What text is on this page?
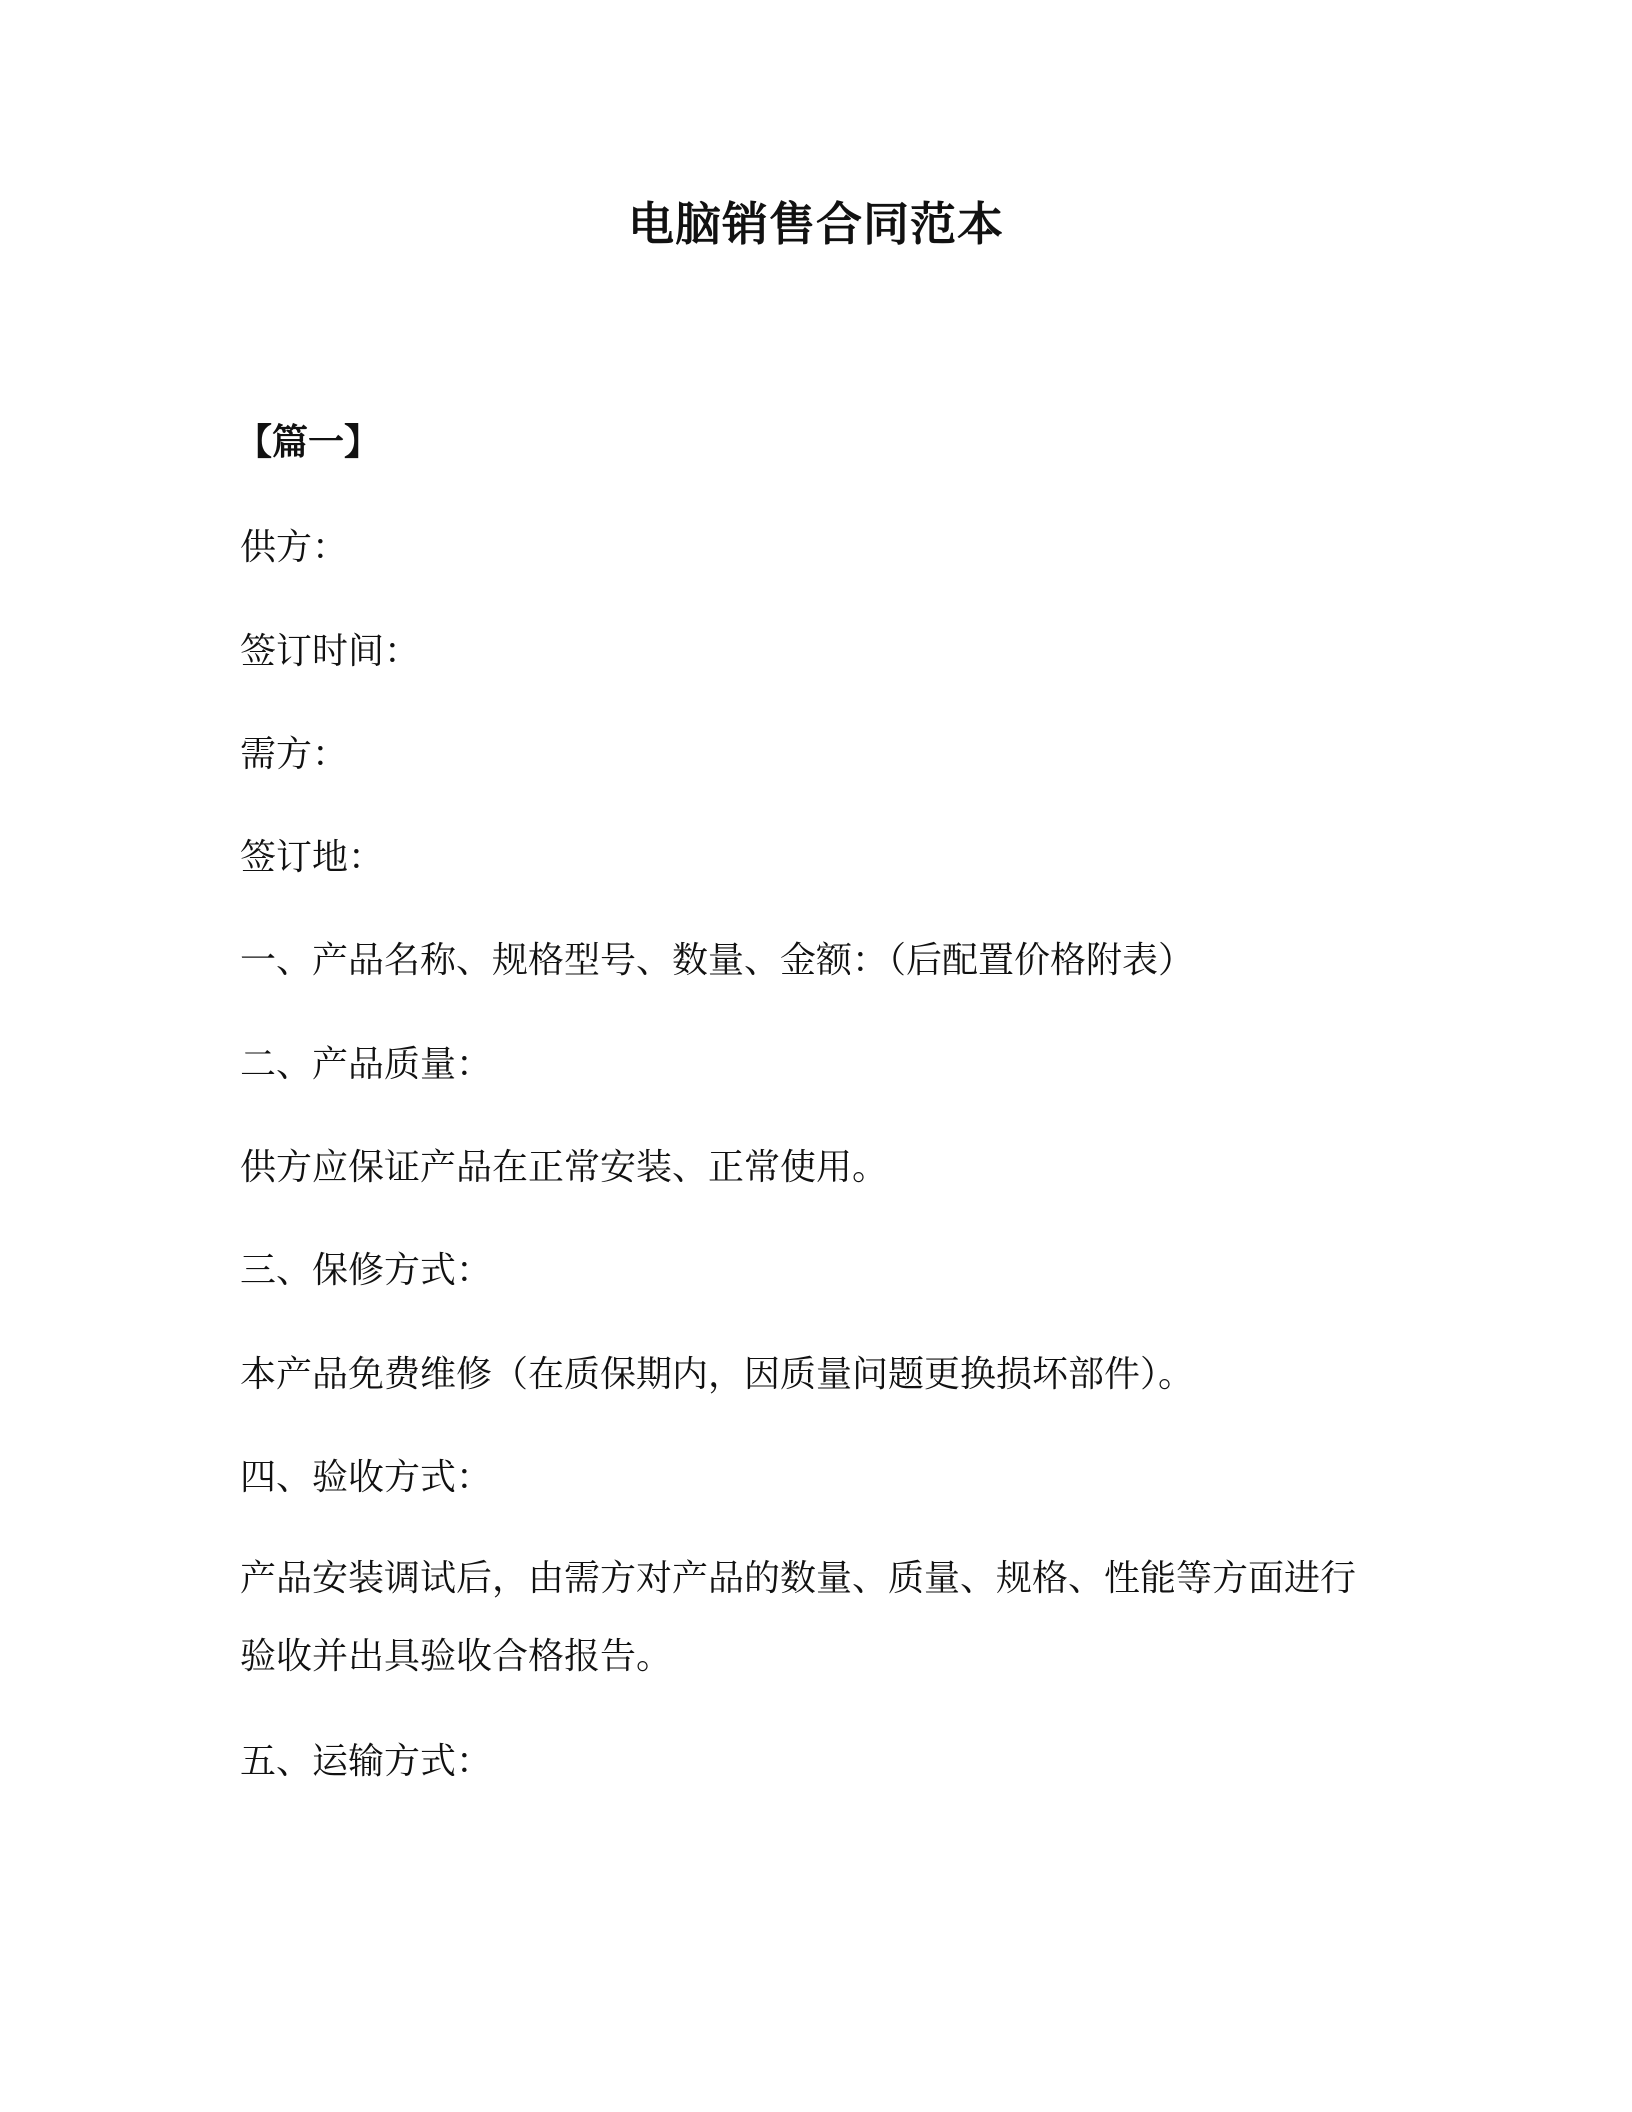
电脑销售合同范本
【篇一】
供方：
签订时间：
需方：
签订地：
一、产品名称、规格型号、数量、金额：（后配置价格附表）
二、产品质量：
供方应保证产品在正常安装、正常使用。
三、保修方式：
本产品免费维修（在质保期内，因质量问题更换损坏部件）。
四、验收方式：
产品安装调试后，由需方对产品的数量、质量、规格、性能等方面进行验收并出具验收合格报告。
五、运输方式：
